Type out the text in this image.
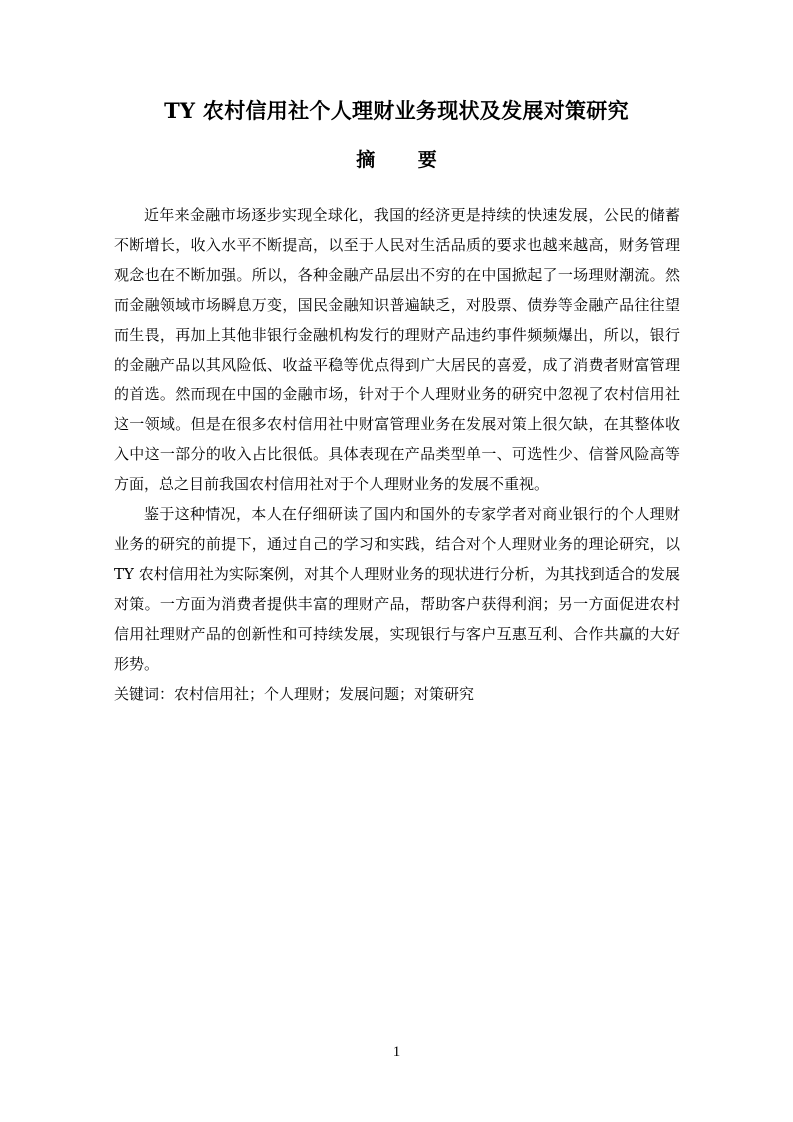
TY 农村信用社个人理财业务现状及发展对策研究
摘 要

近年来金融市场逐步实现全球化，我国的经济更是持续的快速发展，公民的储蓄不断增长，收入水平不断提高，以至于人民对生活品质的要求也越来越高，财务管理观念也在不断加强。所以，各种金融产品层出不穷的在中国掀起了一场理财潮流。然而金融领域市场瞬息万变，国民金融知识普遍缺乏，对股票、债券等金融产品往往望而生畏，再加上其他非银行金融机构发行的理财产品违约事件频频爆出，所以，银行的金融产品以其风险低、收益平稳等优点得到广大居民的喜爱，成了消费者财富管理的首选。然而现在中国的金融市场，针对于个人理财业务的研究中忽视了农村信用社这一领域。但是在很多农村信用社中财富管理业务在发展对策上很欠缺，在其整体收入中这一部分的收入占比很低。具体表现在产品类型单一、可选性少、信誉风险高等方面，总之目前我国农村信用社对于个人理财业务的发展不重视。

鉴于这种情况，本人在仔细研读了国内和国外的专家学者对商业银行的个人理财业务的研究的前提下，通过自己的学习和实践，结合对个人理财业务的理论研究，以 TY 农村信用社为实际案例，对其个人理财业务的现状进行分析，为其找到适合的发展对策。一方面为消费者提供丰富的理财产品，帮助客户获得利润；另一方面促进农村信用社理财产品的创新性和可持续发展，实现银行与客户互惠互利、合作共赢的大好形势。

关键词：农村信用社；个人理财；发展问题；对策研究

1
